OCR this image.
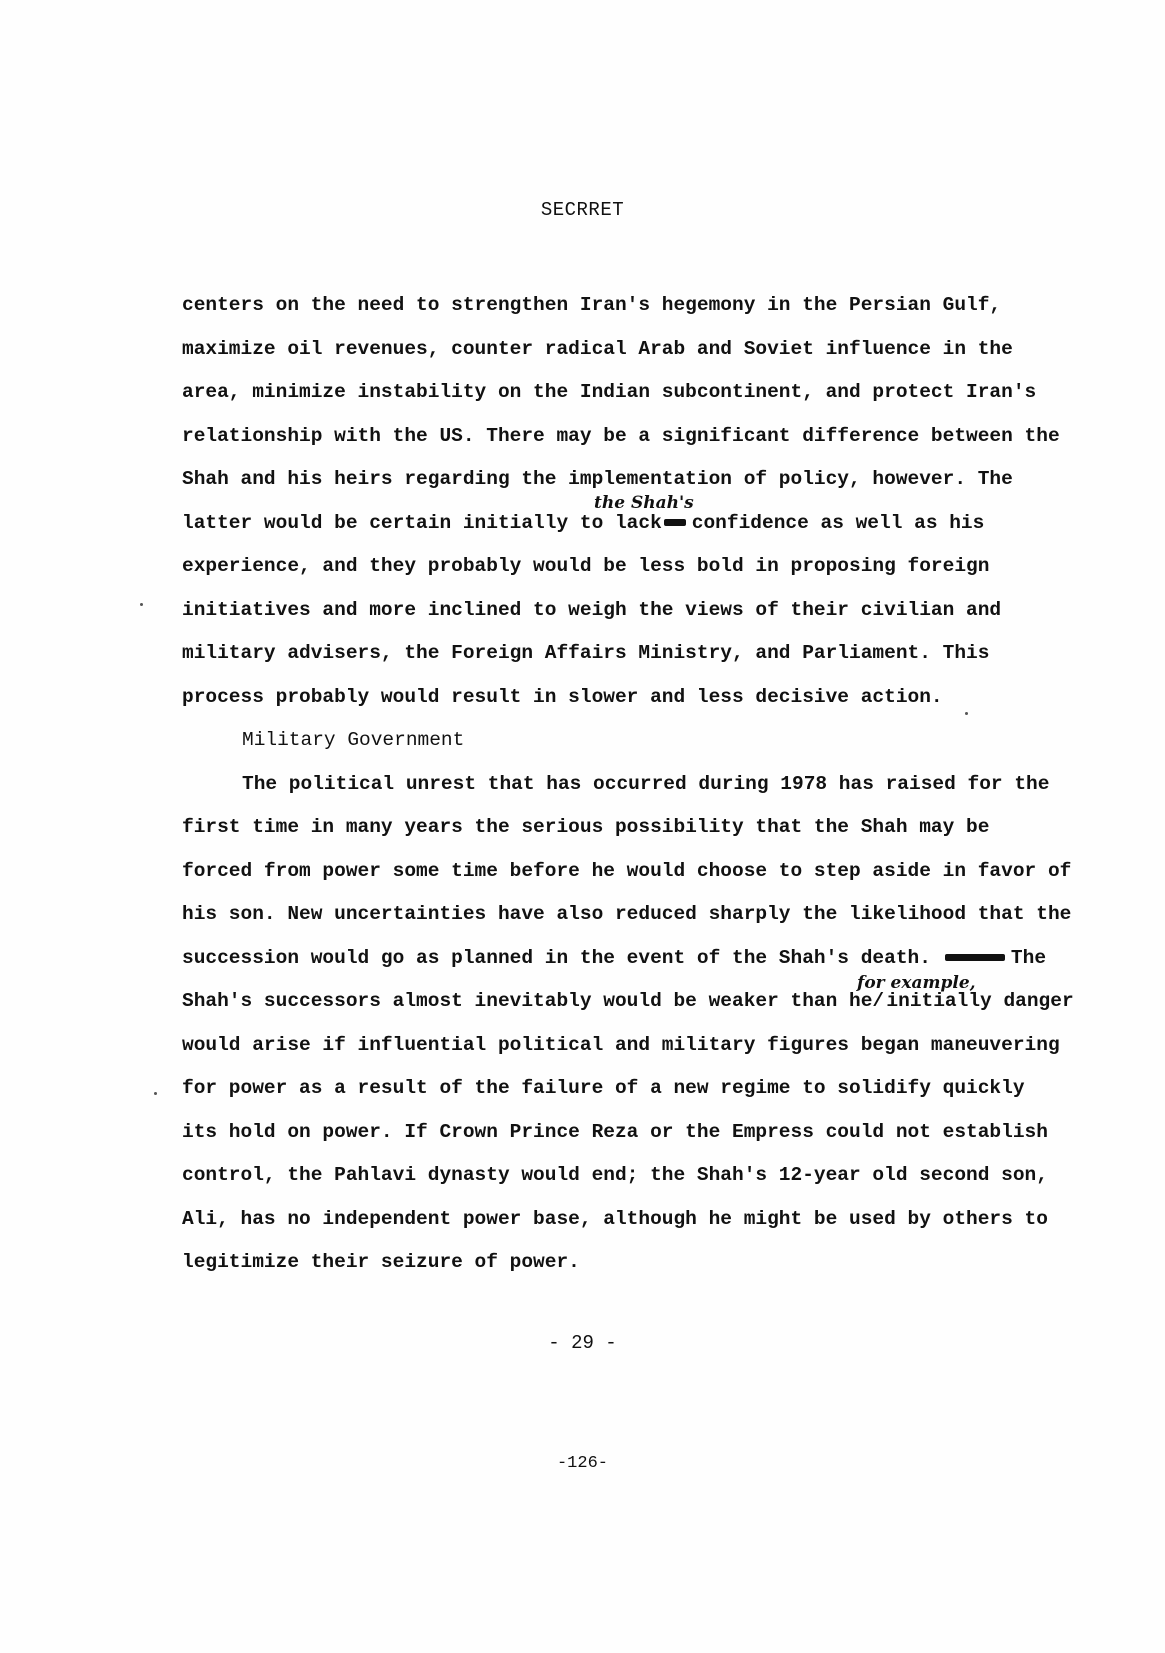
SECRRET
centers on the need to strengthen Iran's hegemony in the Persian Gulf,
maximize oil revenues, counter radical Arab and Soviet influence in the
area, minimize instability on the Indian subcontinent, and protect Iran's
relationship with the US. There may be a significant difference between the
Shah and his heirs regarding the implementation of policy, however. The
latter would be certain initially to lack confidence as well as his
the Shah's
experience, and they probably would be less bold in proposing foreign
initiatives and more inclined to weigh the views of their civilian and
military advisers, the Foreign Affairs Ministry, and Parliament. This
process probably would result in slower and less decisive action.
Military Government
The political unrest that has occurred during 1978 has raised for the
first time in many years the serious possibility that the Shah may be
forced from power some time before he would choose to step aside in favor of
his son. New uncertainties have also reduced sharply the likelihood that the
succession would go as planned in the event of the Shah's death.	The
Shah's successors almost inevitably would be weaker than he/ initially danger
for example,
would arise if influential political and military figures began maneuvering
for power as a result of the failure of a new regime to solidify quickly
its hold on power. If Crown Prince Reza or the Empress could not establish
control, the Pahlavi dynasty would end; the Shah's 12-year old second son,
Ali, has no independent power base, although he might be used by others to
legitimize their seizure of power.
- 29 -
-126-
